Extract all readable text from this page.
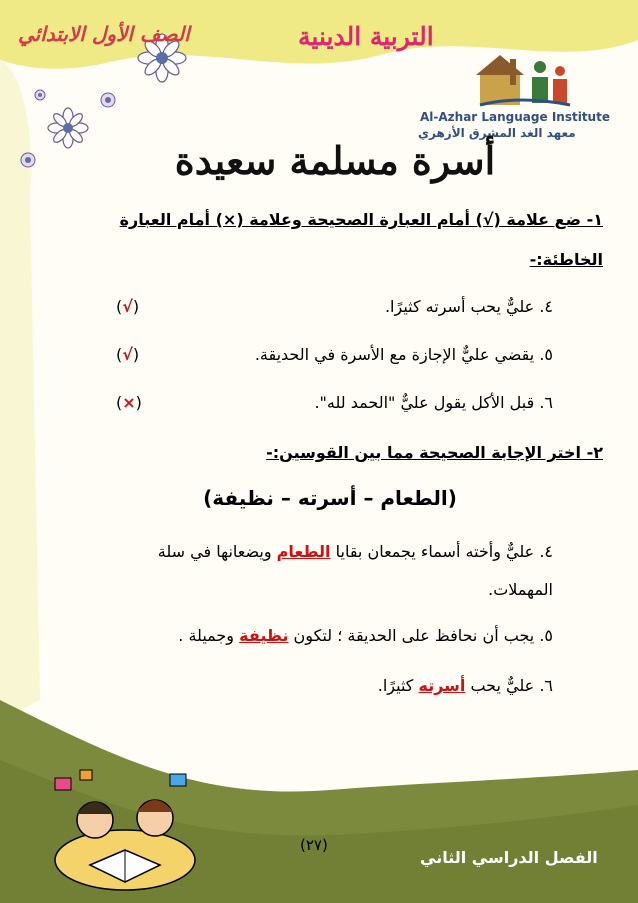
التربية الدينية
الصف الأول الابتدائي
Al-Azhar Language Institute
معهد الغد المشرق الأزهري
أسرة مسلمة سعيدة
١- ضع علامة (√) أمام العبارة الصحيحة وعلامة (×) أمام العبارة
الخاطئة:-
٤. عليٌّ يحب أسرته كثيرًا.
(√)
٥. يقضي عليٌّ الإجازة مع الأسرة في الحديقة.
(√)
٦. قبل الأكل يقول عليٌّ "الحمد لله".
(×)
٢- اختر الإجابة الصحيحة مما بين القوسين:-
(الطعام – أسرته – نظيفة)
٤. عليٌّ وأخته أسماء يجمعان بقايا الطعام ويضعانها في سلة
المهملات.
٥. يجب أن نحافظ على الحديقة ؛ لتكون نظيفة وجميلة .
٦. عليٌّ يحب أسرته كثيرًا.
(٢٧)
الفصل الدراسي الثاني
